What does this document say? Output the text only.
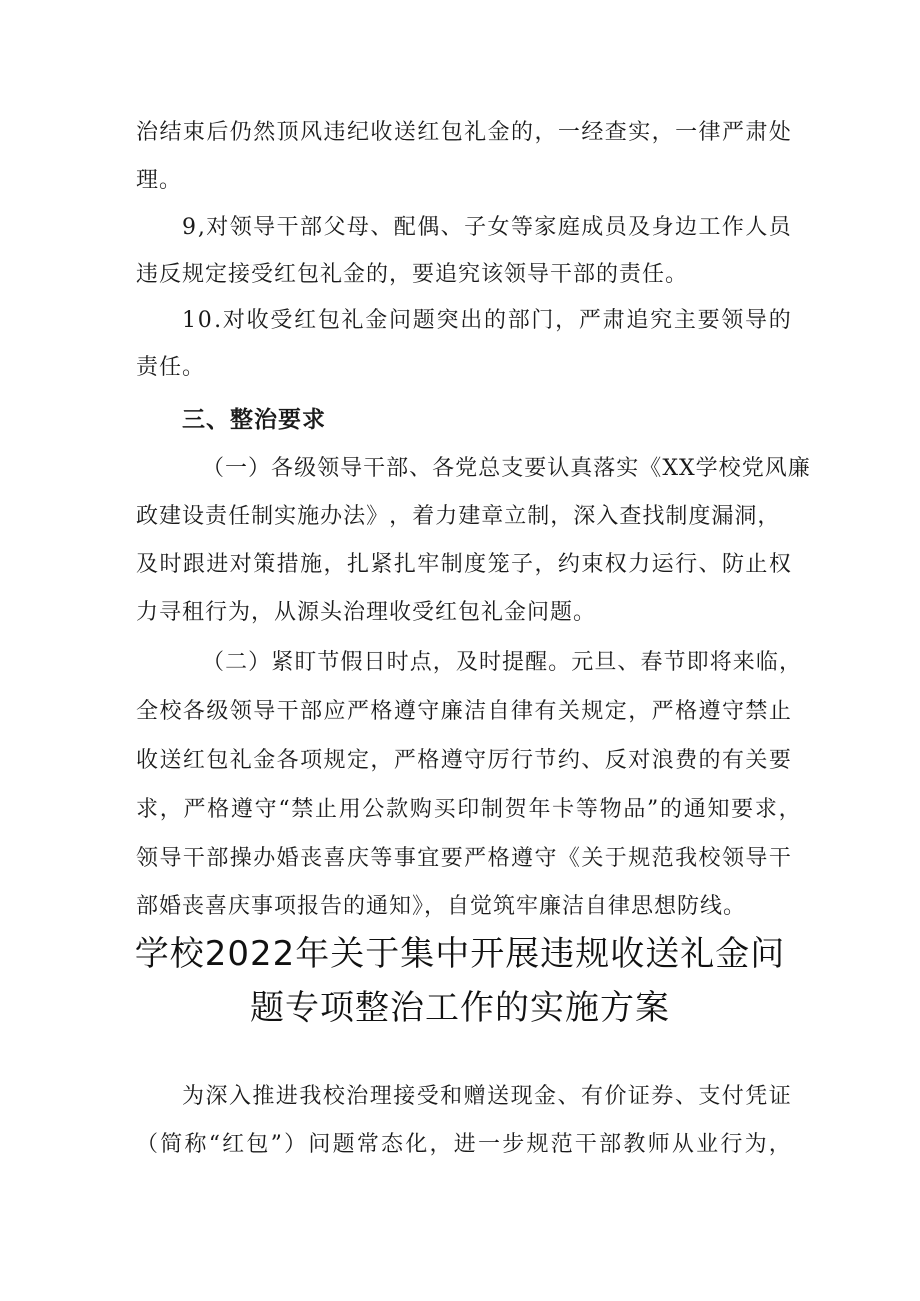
治 结 束 后 仍 然 顶 风 违 纪 收 送 红 包 礼 金 的 ， 一 经 查 实 ， 一 律 严 肃 处
理。
9 , 对 领 导 干 部 父 母 、 配 偶 、 子 女 等 家 庭 成 员 及 身 边 工 作 人 员
违反规定接受红包礼金的，要追究该领导干部的责任。
1 0 . 对 收 受 红 包 礼 金 问 题 突 出 的 部 门 ， 严 肃 追 究 主 要 领 导 的
责任。
三、整治要求
（ 一 ） 各 级 领 导 干 部 、 各 党 总 支 要 认 真 落 实 《 X X 学 校 党 风 廉
政 建 设 责 任 制 实 施 办 法 》 ， 着 力 建 章 立 制 ， 深 入 查 找 制 度 漏 洞 ，
及 时 跟 进 对 策 措 施 ， 扎 紧 扎 牢 制 度 笼 子 ， 约 束 权 力 运 行 、 防 止 权
力寻租行为，从源头治理收受红包礼金问题。
（ 二 ） 紧 盯 节 假 日 时 点 ， 及 时 提 醒 。 元 旦 、 春 节 即 将 来 临 ，
全 校 各 级 领 导 干 部 应 严 格 遵 守 廉 洁 自 律 有 关 规 定 ， 严 格 遵 守 禁 止
收 送 红 包 礼 金 各 项 规 定 ， 严 格 遵 守 厉 行 节 约 、 反 对 浪 费 的 有 关 要
求 ， 严 格 遵 守 “ 禁 止 用 公 款 购 买 印 制 贺 年 卡 等 物 品 ” 的 通 知 要 求 ，
领 导 干 部 操 办 婚 丧 喜 庆 等 事 宜 要 严 格 遵 守 《 关 于 规 范 我 校 领 导 干
部婚丧喜庆事项报告的通知》，自觉筑牢廉洁自律思想防线。
学校2022年关于集中开展违规收送礼金问
题专项整治工作的实施方案
为 深 入 推 进 我 校 治 理 接 受 和 赠 送 现 金 、 有 价 证 券 、 支 付 凭 证
（ 简 称 “ 红 包 ” ） 问 题 常 态 化 ， 进 一 步 规 范 干 部 教 师 从 业 行 为 ，
